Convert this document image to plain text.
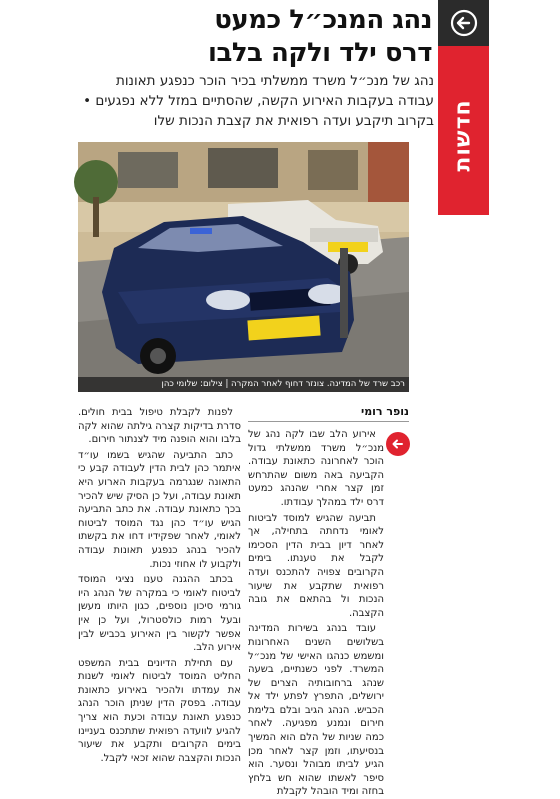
חדשות
נהג המנכ״ל כמעט
דרס ילד ולקה בלבו
נהג של מנכ״ל משרד ממשלתי בכיר הוכר כנפגע תאונות עבודה בעקבות האירוע הקשה, שהסתיים במזל ללא נפגעים • בקרוב תיקבע ועדה רפואית את קצבת הנכות שלו
רכב שרד של המדינה. צונזר דחוף לאחר המקרה | צילום: שלומי כהן
נופר רומי

אירוע הלב שבו לקה נהג של מנכ״ל משרד ממשלתי גדול הוכר לאחרונה כתאונת עבודה. הקביעה באה משום שהתרחש זמן קצר אחרי שהנהג כמעט דרס ילד במהלך עבודתו.

תביעה שהגיש למוסד לביטוח לאומי נדחתה בתחילה, אך לאחר דיון בבית הדין הסכימו לקבל את טענתו. בימים הקרובים צפויה להתכנס ועדה רפואית שתקבע את שיעור הנכות ול בהתאם את גובה הקצבה.

עובד בנהג בשירות המדינה בשלושים השנים האחרונות ומשמש כנהגו האישי של מנכ״ל המשרד. לפני כשנתיים, בשעה שנהג ברחובותיה הצרים של ירושלים, התפרץ לפתע ילד אל הכביש. הנהג הגיב ובלם בלימת חירום ונמנע מפגיעה. לאחר כמה שניות של הלם הוא המשיך בנסיעתו, וזמן קצר לאחר מכן הגיע לביתו מבוהל ונסער. הוא סיפר לאשתו שהוא חש בלחץ בחזה ומיד הובהל לקבלת

לפנות לקבלת טיפול בבית חולים. סדרת בדיקות קצרה גילתה שהוא לקה בלבו והוא הופנה מיד לצנתור חירום.

כתב התביעה שהגיש בשמו עו״ד איתמר כהן לבית הדין לעבודה קבע כי התאונה שנגרמה בעקבות הארוע היא תאונת עבודה, ועל כן הסיק שיש להכיר בכך כתאונת עבודה. את כתב התביעה הגיש עו״ד כהן נגד המוסד לביטוח לאומי, לאחר שפקידיו דחו את בקשתו להכיר בנהג כנפגע תאונות עבודה ולקבוע לו אחוזי נכות.

בכתב ההגנה טענו נציגי המוסד לביטוח לאומי כי במקרה של הנהג היו גורמי סיכון נוספים, כגון היותו מעשן ובעל רמות כולסטרול, ועל כן אין אפשר לקשור בין האירוע בכביש לבין אירוע הלב.

עם תחילת הדיונים בבית המשפט החליט המוסד לביטוח לאומי לשנות את עמדתו ולהכיר באירוע כתאונת עבודה. בפסק הדין שניתן הוכר הנהג כנפגע תאונת עבודה וכעת הוא צריך להגיע לוועדה רפואית שתתכנס בעניינו בימים הקרובים ותקבע את שיעור הנכות והקצבה שהוא זכאי לקבל.
